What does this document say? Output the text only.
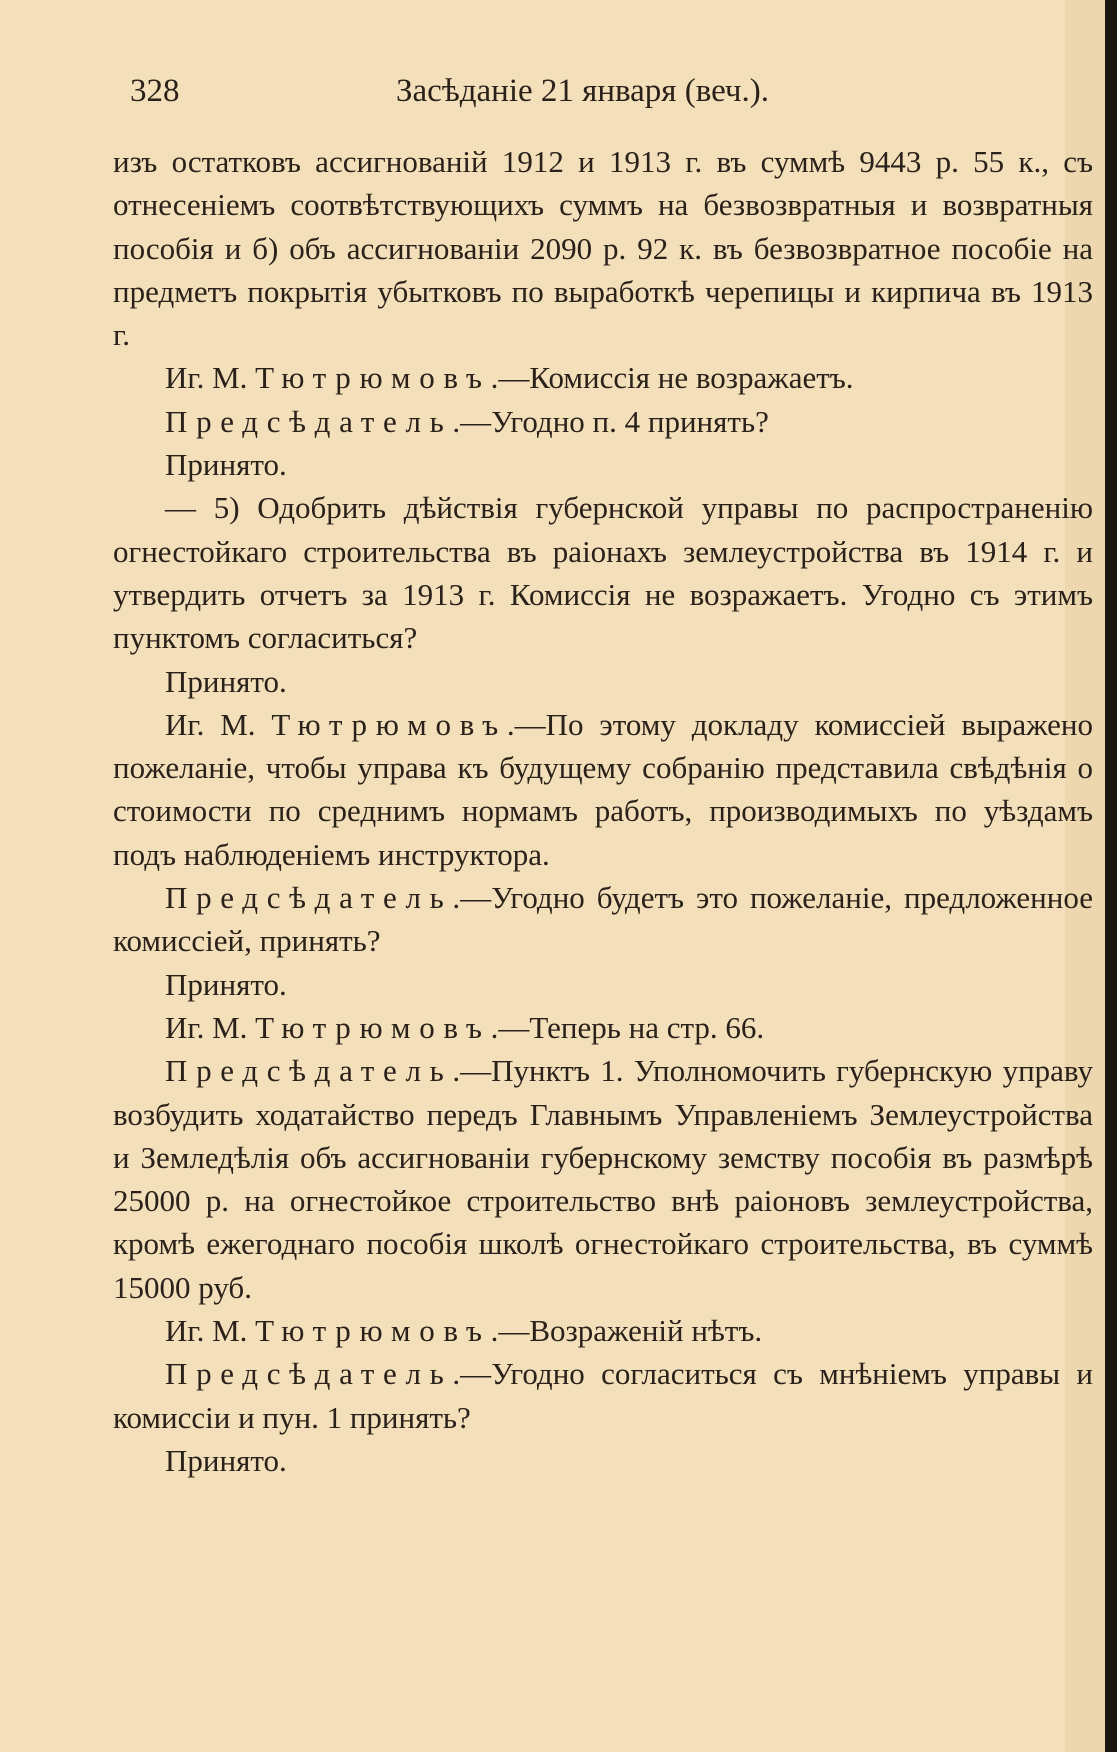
328	Засѣданіе 21 января (веч.).

изъ остатковъ ассигнованій 1912 и 1913 г. въ суммѣ 9443 р. 55 к., съ отнесеніемъ соотвѣтствующихъ суммъ на безвозвратныя и возвратныя пособія и б) объ ассигнованіи 2090 р. 92 к. въ безвозвратное пособіе на предметъ покрытія убытковъ по выработкѣ черепицы и кирпича въ 1913 г.

Иг. М. Тютрюмовъ.—Комиссія не возражаетъ.

Предсѣдатель.—Угодно п. 4 принять?

Принято.

— 5) Одобрить дѣйствія губернской управы по распространенію огнестойкаго строительства въ раіонахъ землеустройства въ 1914 г. и утвердить отчетъ за 1913 г. Комиссія не возражаетъ. Угодно съ этимъ пунктомъ согласиться?

Принято.

Иг. М. Тютрюмовъ.—По этому докладу комиссіей выражено пожеланіе, чтобы управа къ будущему собранію представила свѣдѣнія о стоимости по среднимъ нормамъ работъ, производимыхъ по уѣздамъ подъ наблюденіемъ инструктора.

Предсѣдатель.—Угодно будетъ это пожеланіе, предложенное комиссіей, принять?

Принято.

Иг. М. Тютрюмовъ.—Теперь на стр. 66.

Предсѣдатель.—Пунктъ 1. Уполномочить губернскую управу возбудить ходатайство передъ Главнымъ Управленіемъ Землеустройства и Земледѣлія объ ассигнованіи губернскому земству пособія въ размѣрѣ 25000 р. на огнестойкое строительство внѣ раіоновъ землеустройства, кромѣ ежегоднаго пособія школѣ огнестойкаго строительства, въ суммѣ 15000 руб.

Иг. М. Тютрюмовъ.—Возраженій нѣтъ.

Предсѣдатель.—Угодно согласиться съ мнѣніемъ управы и комиссіи и пун. 1 принять?

Принято.
